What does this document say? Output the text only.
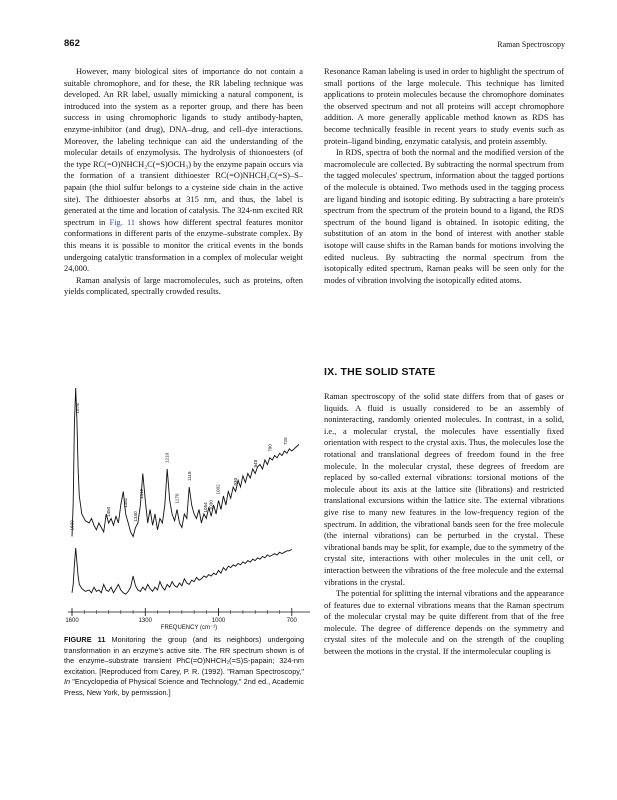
862	Raman Spectroscopy

However, many biological sites of importance do not contain a suitable chromophore, and for these, the RR labeling technique was developed. An RR label, usually mimicking a natural component, is introduced into the system as a reporter group, and there has been success in using chromophoric ligands to study antibody-hapten, enzyme-inhibitor (and drug), DNA–drug, and cell–dye interactions. Moreover, the labeling technique can aid the understanding of the molecular details of enzymolysis. The hydrolysis of thionoesters (of the type RC(=O)NHCH₂C(=S)OCH₃) by the enzyme papain occurs via the formation of a transient dithioester RC(=O)NHCH₂C(=S)–S–papain (the thiol sulfur belongs to a cysteine side chain in the active site). The dithioester absorbs at 315 nm, and thus, the label is generated at the time and location of catalysis. The 324-nm excited RR spectrum in Fig. 11 shows how different spectral features monitor conformations in different parts of the enzyme–substrate complex. By this means it is possible to monitor the critical events in the bonds undergoing catalytic transformation in a complex of molecular weight 24,000.

Raman analysis of large macromolecules, such as proteins, often yields complicated, spectrally crowded results.

Resonance Raman labeling is used in order to highlight the spectrum of small portions of the large molecule. This technique has limited applications to protein molecules because the chromophore dominates the observed spectrum and not all proteins will accept chromophore addition. A more generally applicable method known as RDS has become technically feasible in recent years to study events such as protein–ligand binding, enzymatic catalysis, and protein assembly.

In RDS, spectra of both the normal and the modified version of the macromolecule are collected. By subtracting the normal spectrum from the tagged molecules' spectrum, information about the tagged portions of the molecule is obtained. Two methods used in the tagging process are ligand binding and isotopic editing. By subtracting a bare protein's spectrum from the spectrum of the protein bound to a ligand, the RDS spectrum of the bound ligand is obtained. In isotopic editing, the substitution of an atom in the bond of interest with another stable isotope will cause shifts in the Raman bands for motions involving the edited nucleus. By subtracting the normal spectrum from the isotopically edited spectrum, Raman peaks will be seen only for the modes of vibration involving the isotopically edited atoms.

IX. THE SOLID STATE

Raman spectroscopy of the solid state differs from that of gases or liquids. A fluid is usually considered to be an assembly of noninteracting, randomly oriented molecules. In contrast, in a solid, i.e., a molecular crystal, the molecules have essentially fixed orientation with respect to the crystal axis. Thus, the molecules lose the rotational and translational degrees of freedom found in the free molecule. In the molecular crystal, these degrees of freedom are replaced by so-called external vibrations: torsional motions of the molecule about its axis at the lattice site (librations) and restricted translational excursions within the lattice site. The external vibrations give rise to many new features in the low-frequency region of the spectrum. In addition, the vibrational bands seen for the free molecule (the internal vibrations) can be perturbed in the crystal. These vibrational bands may be split, for example, due to the symmetry of the crystal site, interactions with other molecules in the unit cell, or interaction between the vibrations of the free molecule and the external vibrations in the crystal.

The potential for splitting the internal vibrations and the appearance of features due to external vibrations means that the Raman spectrum of the molecular crystal may be quite different from that of the free molecule. The degree of difference depends on the symmetry and crystal sites of the molecule and on the strength of the coupling between the motions in the crystal. If the intermolecular coupling is

1600	1300	1000	700
1600
1578
1450
1381
1340
1315
1210
1170
1118
1054 1030
1002
930
848
790
725
FREQUENCY (cm⁻¹)
FIGURE 11 Monitoring the group (and its neighbors) undergoing transformation in an enzyme's active site. The RR spectrum shown is of the enzyme–substrate transient PhC(=O)NHCH₂(=S)S-papain; 324-nm excitation. [Reproduced from Carey, P. R. (1992). "Raman Spectroscopy," In "Encyclopedia of Physical Science and Technology," 2nd ed., Academic Press, New York, by permission.]
